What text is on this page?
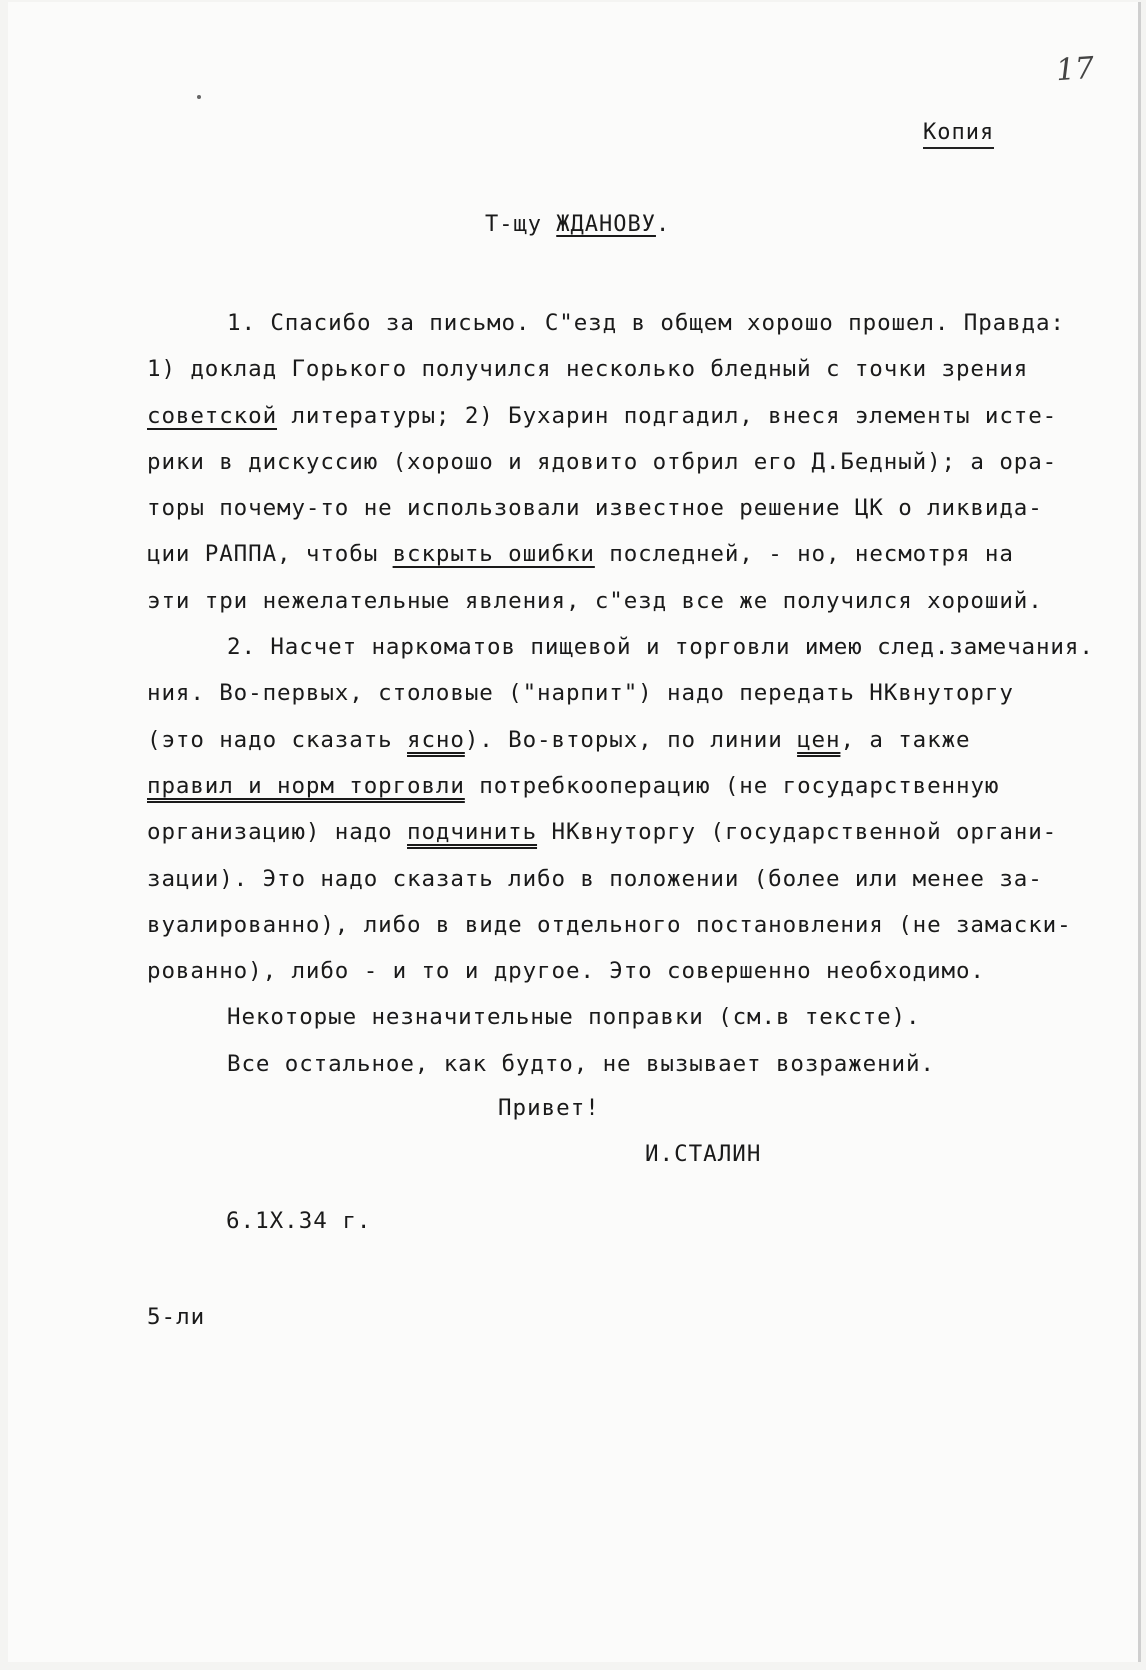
17
Копия
Т-щу ЖДАНОВУ.
1. Спасибо за письмо. С"езд в общем хорошо прошел. Правда:
1) доклад Горького получился несколько бледный с точки зрения
советской литературы; 2) Бухарин подгадил, внеся элементы исте-
рики в дискуссию (хорошо и ядовито отбрил его Д.Бедный); а ора-
торы почему-то не использовали известное решение ЦК о ликвида-
ции РАППА, чтобы вскрыть ошибки последней, - но, несмотря на
эти три нежелательные явления, с"езд все же получился хороший.
2. Насчет наркоматов пищевой и торговли имею след.замечания.
ния. Во-первых, столовые ("нарпит") надо передать НКвнуторгу
(это надо сказать ясно). Во-вторых, по линии цен, а также
правил и норм торговли потребкооперацию (не государственную
организацию) надо подчинить НКвнуторгу (государственной органи-
зации). Это надо сказать либо в положении (более или менее за-
вуалированно), либо в виде отдельного постановления (не замаски-
рованно), либо - и то и другое. Это совершенно необходимо.
Некоторые незначительные поправки (см.в тексте).
Все остальное, как будто, не вызывает возражений.
Привет!
И.СТАЛИН
6.1Х.34 г.
5-ли
